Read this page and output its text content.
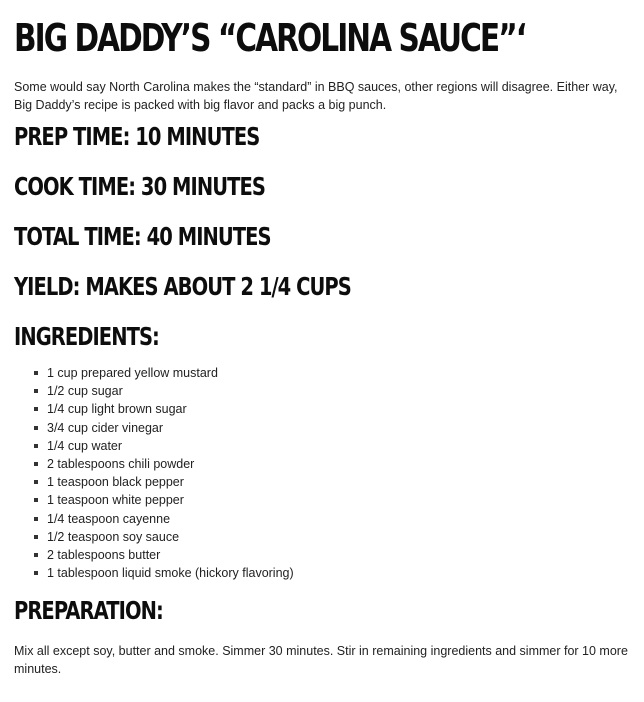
BIG DADDY’S “CAROLINA SAUCE”‘

Some would say North Carolina makes the “standard” in BBQ sauces, other regions will disagree. Either way, Big Daddy’s recipe is packed with big flavor and packs a big punch.

PREP TIME: 10 MINUTES
COOK TIME: 30 MINUTES
TOTAL TIME: 40 MINUTES
YIELD: MAKES ABOUT 2 1/4 CUPS
INGREDIENTS:
1 cup prepared yellow mustard
1/2 cup sugar
1/4 cup light brown sugar
3/4 cup cider vinegar
1/4 cup water
2 tablespoons chili powder
1 teaspoon black pepper
1 teaspoon white pepper
1/4 teaspoon cayenne
1/2 teaspoon soy sauce
2 tablespoons butter
1 tablespoon liquid smoke (hickory flavoring)
PREPARATION:

Mix all except soy, butter and smoke. Simmer 30 minutes. Stir in remaining ingredients and simmer for 10 more minutes.
